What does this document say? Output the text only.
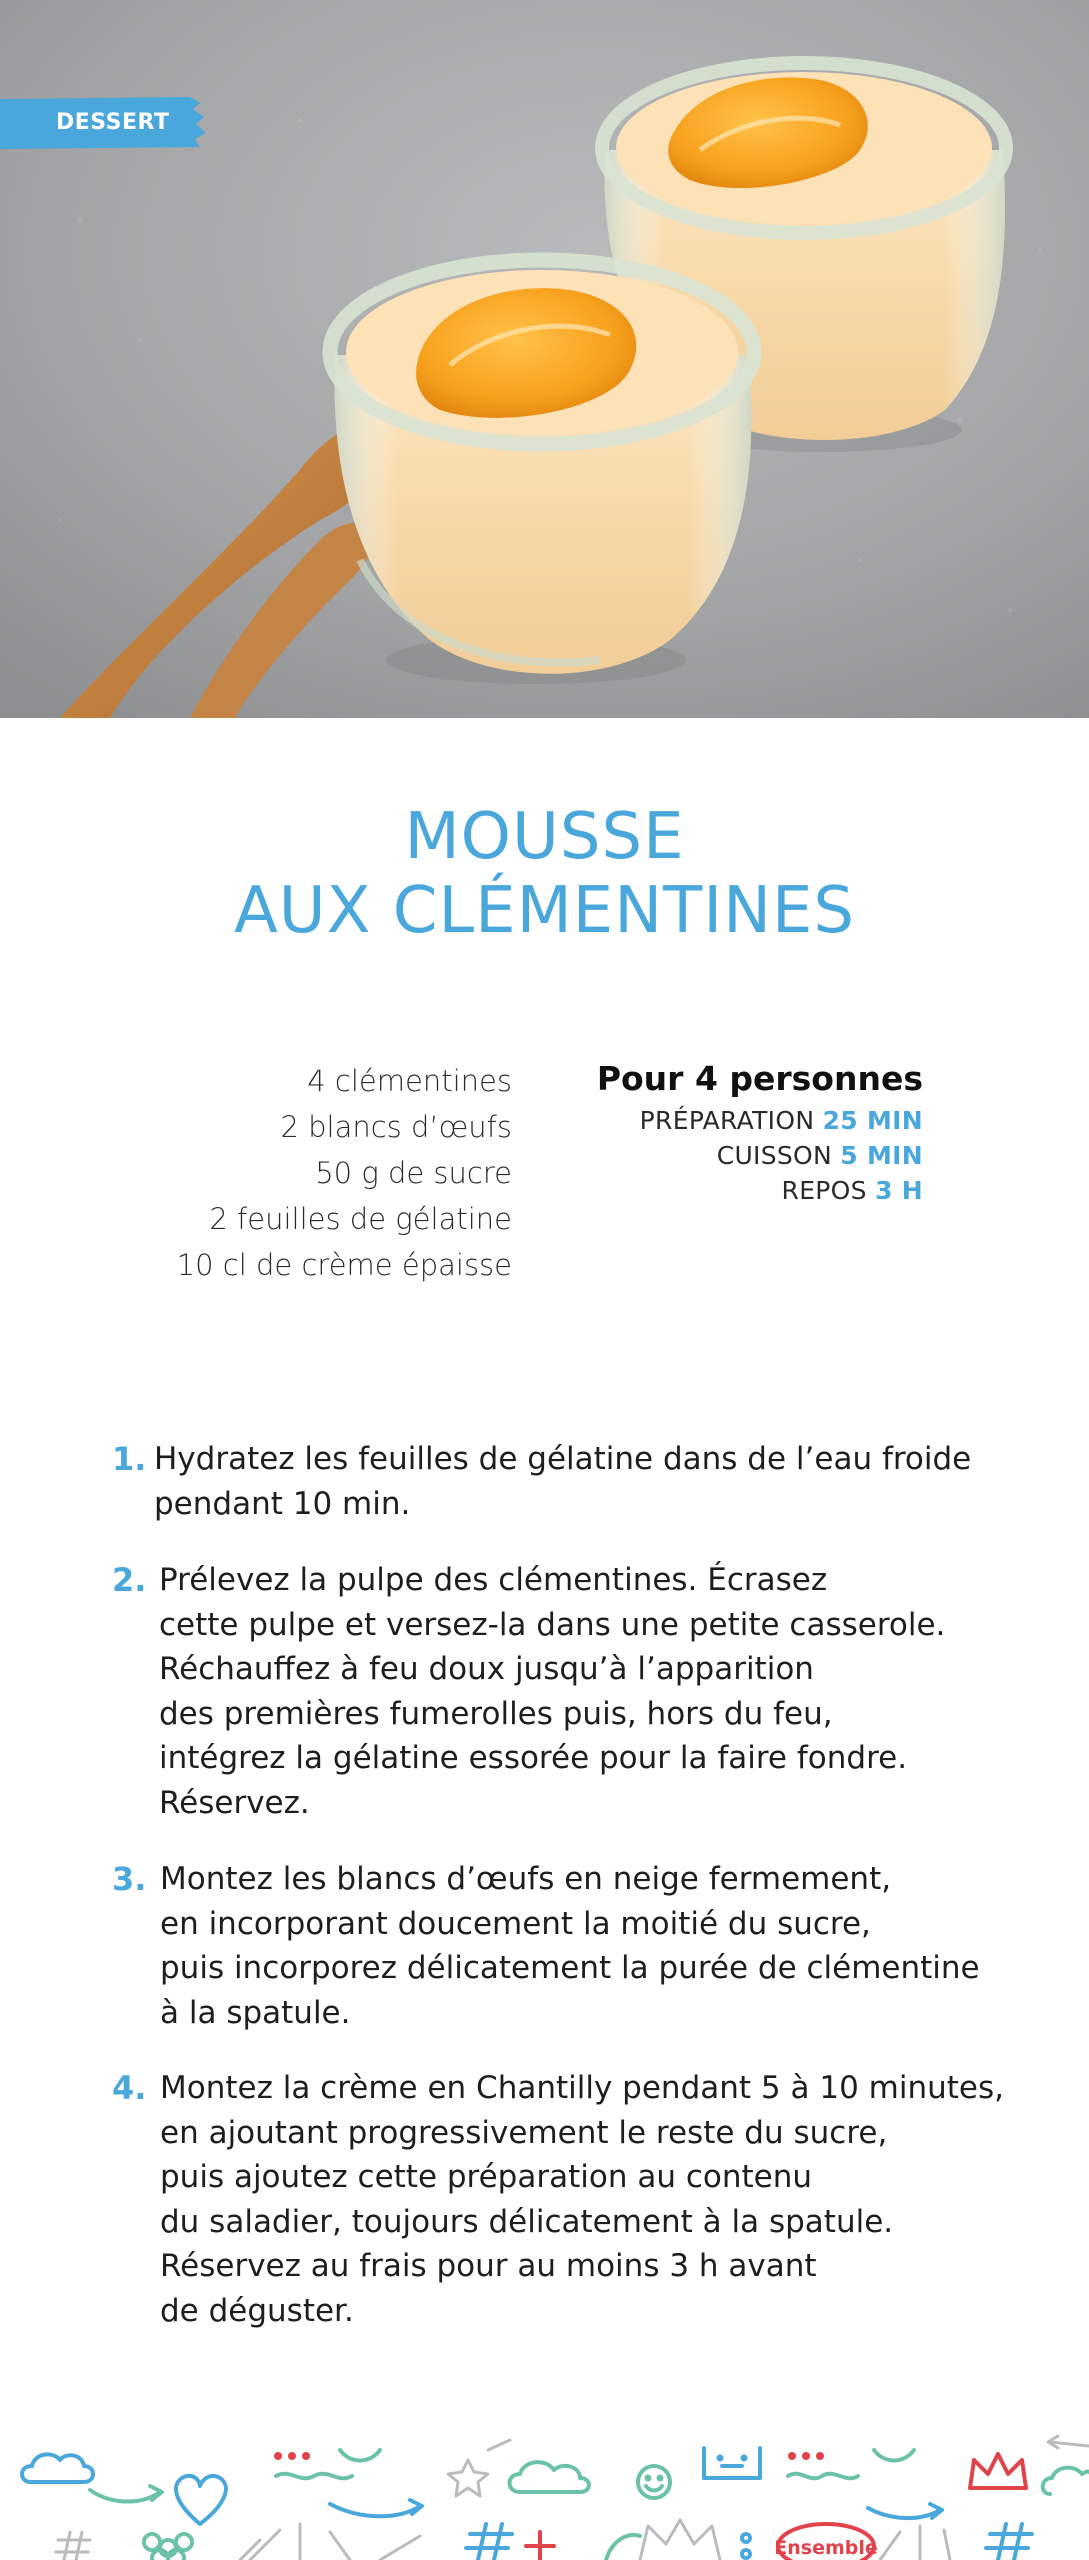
DESSERT
MOUSSE
AUX CLÉMENTINES
4 clémentines
2 blancs d’œufs
50 g de sucre
2 feuilles de gélatine
10 cl de crème épaisse
Pour 4 personnes
PRÉPARATION 25 MIN
CUISSON 5 MIN
REPOS 3 H
1. Hydratez les feuilles de gélatine dans de l’eau froide
pendant 10 min.
2. Prélevez la pulpe des clémentines. Écrasez
cette pulpe et versez-la dans une petite casserole.
Réchauffez à feu doux jusqu’à l’apparition
des premières fumerolles puis, hors du feu,
intégrez la gélatine essorée pour la faire fondre.
Réservez.
3. Montez les blancs d’œufs en neige fermement,
en incorporant doucement la moitié du sucre,
puis incorporez délicatement la purée de clémentine
à la spatule.
4. Montez la crème en Chantilly pendant 5 à 10 minutes,
en ajoutant progressivement le reste du sucre,
puis ajoutez cette préparation au contenu
du saladier, toujours délicatement à la spatule.
Réservez au frais pour au moins 3 h avant
de déguster.
Ensemble
